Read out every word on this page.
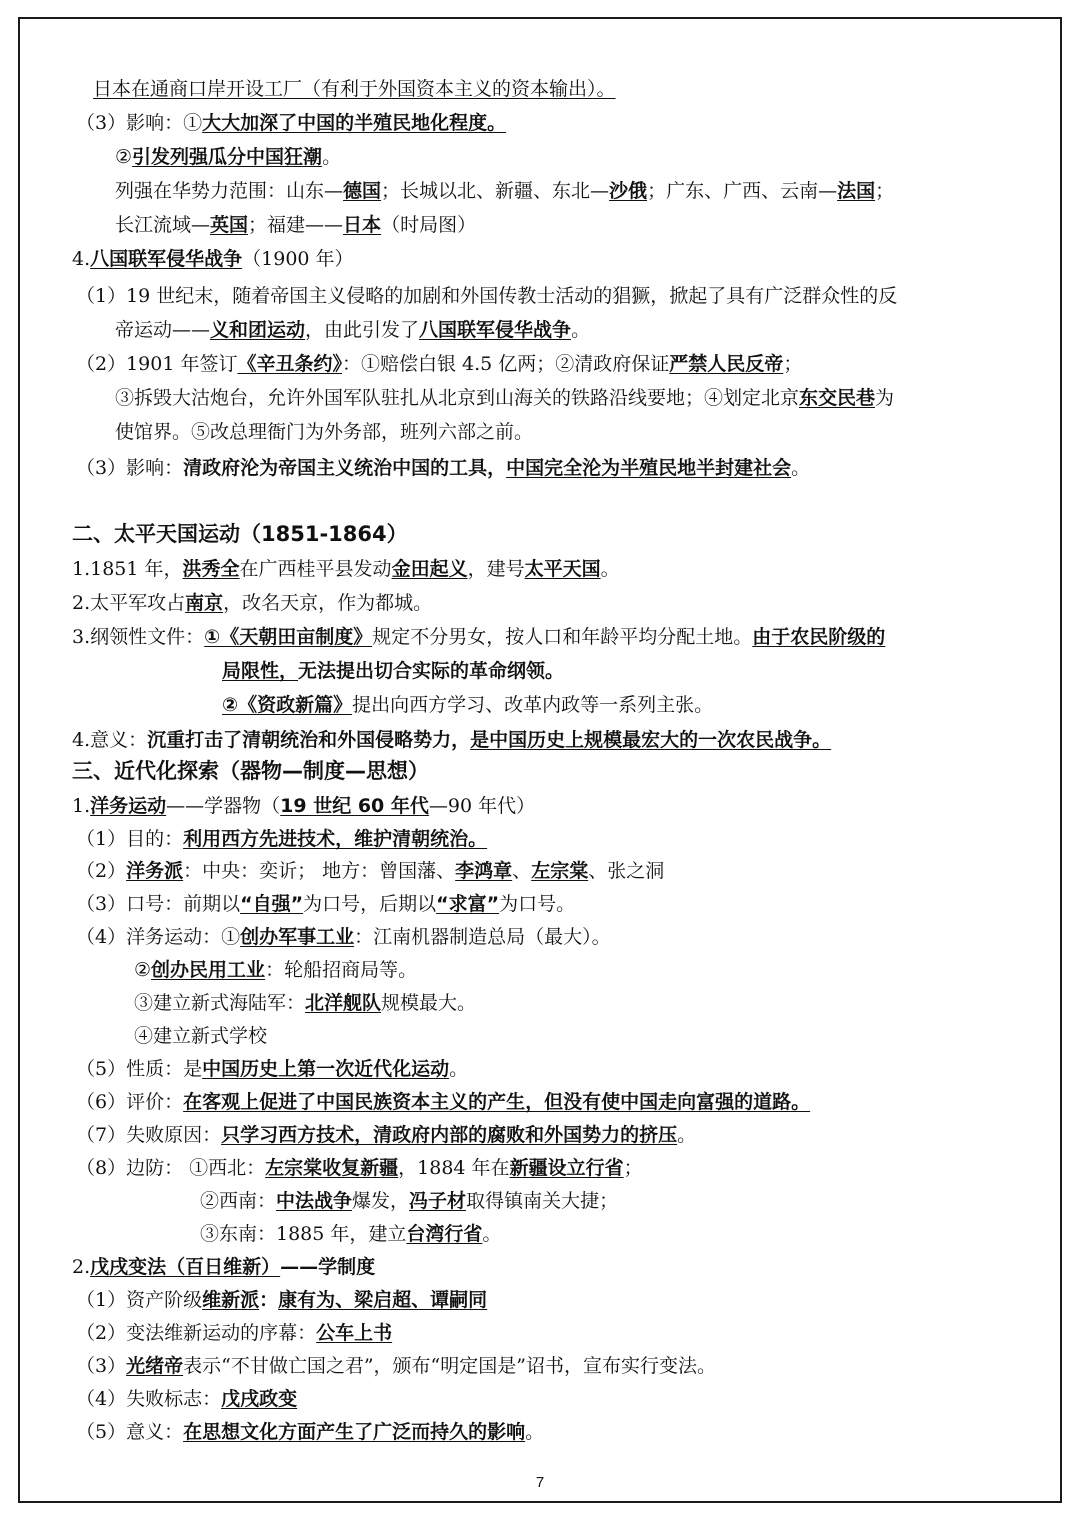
日本在通商口岸开设工厂（有利于外国资本主义的资本输出）。
（3）影响：①大大加深了中国的半殖民地化程度。
②引发列强瓜分中国狂潮。
列强在华势力范围：山东—德国；长城以北、新疆、东北—沙俄；广东、广西、云南—法国；
长江流域—英国；福建——日本（时局图）
4.八国联军侵华战争（1900 年）
（1）19 世纪末，随着帝国主义侵略的加剧和外国传教士活动的猖獗，掀起了具有广泛群众性的反
帝运动——义和团运动，由此引发了八国联军侵华战争。
（2）1901 年签订《辛丑条约》：①赔偿白银 4.5 亿两；②清政府保证严禁人民反帝；
③拆毁大沽炮台，允许外国军队驻扎从北京到山海关的铁路沿线要地；④划定北京东交民巷为
使馆界。⑤改总理衙门为外务部，班列六部之前。
（3）影响：清政府沦为帝国主义统治中国的工具，中国完全沦为半殖民地半封建社会。
二、太平天国运动（1851-1864）
1.1851 年，洪秀全在广西桂平县发动金田起义，建号太平天国。
2.太平军攻占南京，改名天京，作为都城。
3.纲领性文件：①《天朝田亩制度》规定不分男女，按人口和年龄平均分配土地。由于农民阶级的
局限性，无法提出切合实际的革命纲领。
②《资政新篇》提出向西方学习、改革内政等一系列主张。
4.意义：沉重打击了清朝统治和外国侵略势力，是中国历史上规模最宏大的一次农民战争。
三、近代化探索（器物—制度—思想）
1.洋务运动——学器物（19 世纪 60 年代—90 年代）
（1）目的：利用西方先进技术，维护清朝统治。
（2）洋务派：中央：奕䜣； 地方：曾国藩、李鸿章、左宗棠、张之洞
（3）口号：前期以“自强”为口号，后期以“求富”为口号。
（4）洋务运动：①创办军事工业：江南机器制造总局（最大）。
②创办民用工业：轮船招商局等。
③建立新式海陆军：北洋舰队规模最大。
④建立新式学校
（5）性质：是中国历史上第一次近代化运动。
（6）评价：在客观上促进了中国民族资本主义的产生，但没有使中国走向富强的道路。
（7）失败原因：只学习西方技术，清政府内部的腐败和外国势力的挤压。
（8）边防： ①西北：左宗棠收复新疆，1884 年在新疆设立行省；
②西南：中法战争爆发，冯子材取得镇南关大捷；
③东南：1885 年，建立台湾行省。
2.戊戌变法（百日维新）——学制度
（1）资产阶级维新派：康有为、梁启超、谭嗣同
（2）变法维新运动的序幕：公车上书
（3）光绪帝表示“不甘做亡国之君”，颁布“明定国是”诏书，宣布实行变法。
（4）失败标志：戊戌政变
（5）意义：在思想文化方面产生了广泛而持久的影响。
7
